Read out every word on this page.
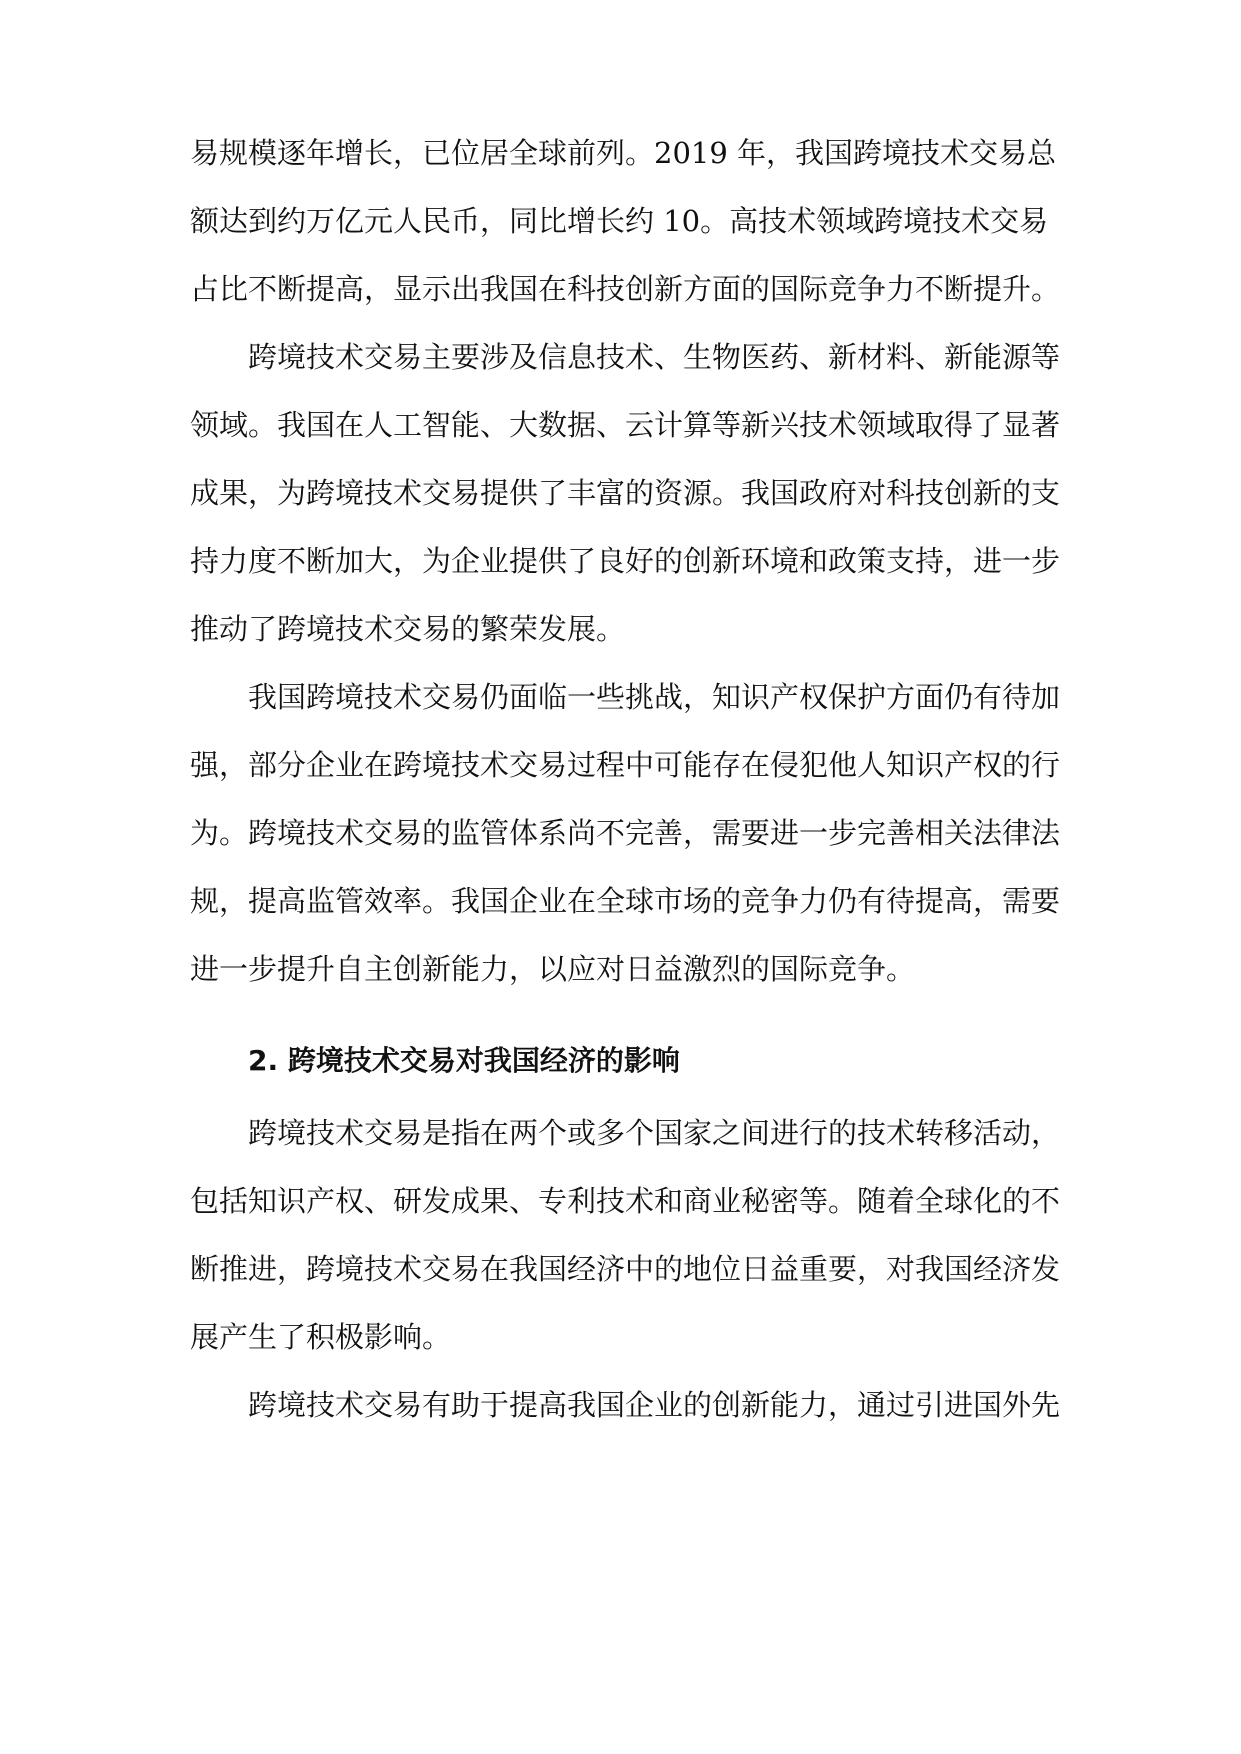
易规模逐年增长，已位居全球前列。2019 年，我国跨境技术交易总
额达到约万亿元人民币，同比增长约 10。高技术领域跨境技术交易
占比不断提高，显示出我国在科技创新方面的国际竞争力不断提升。
跨境技术交易主要涉及信息技术、生物医药、新材料、新能源等
领域。我国在人工智能、大数据、云计算等新兴技术领域取得了显著
成果，为跨境技术交易提供了丰富的资源。我国政府对科技创新的支
持力度不断加大，为企业提供了良好的创新环境和政策支持，进一步
推动了跨境技术交易的繁荣发展。
我国跨境技术交易仍面临一些挑战，知识产权保护方面仍有待加
强，部分企业在跨境技术交易过程中可能存在侵犯他人知识产权的行
为。跨境技术交易的监管体系尚不完善，需要进一步完善相关法律法
规，提高监管效率。我国企业在全球市场的竞争力仍有待提高，需要
进一步提升自主创新能力，以应对日益激烈的国际竞争。
2. 跨境技术交易对我国经济的影响
跨境技术交易是指在两个或多个国家之间进行的技术转移活动，
包括知识产权、研发成果、专利技术和商业秘密等。随着全球化的不
断推进，跨境技术交易在我国经济中的地位日益重要，对我国经济发
展产生了积极影响。
跨境技术交易有助于提高我国企业的创新能力，通过引进国外先
